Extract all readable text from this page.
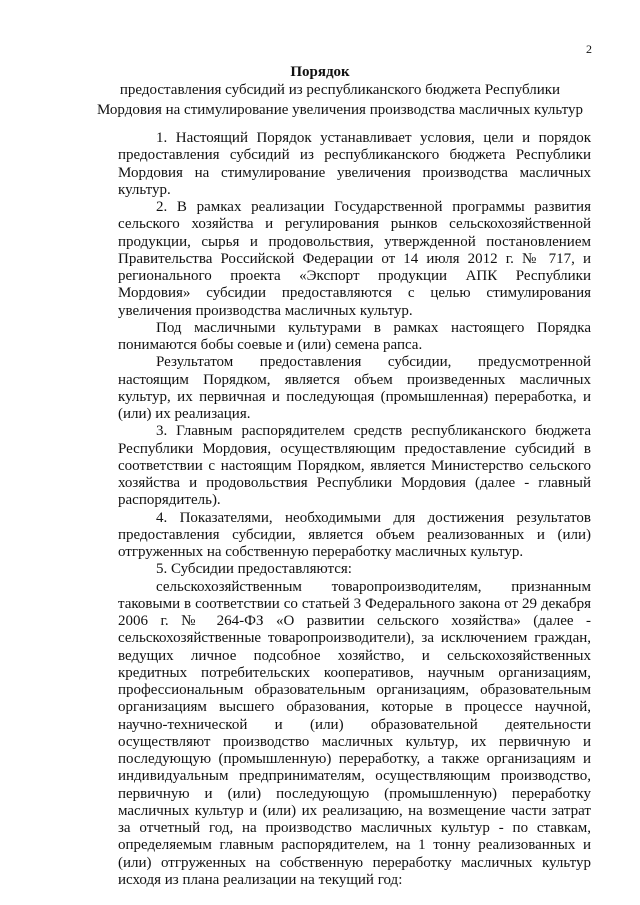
2
Порядок
предоставления субсидий из республиканского бюджета Республики Мордовия на стимулирование увеличения производства масличных культур

1. Настоящий Порядок устанавливает условия, цели и порядок предоставления субсидий из республиканского бюджета Республики Мордовия на стимулирование увеличения производства масличных культур.

2. В рамках реализации Государственной программы развития сельского хозяйства и регулирования рынков сельскохозяйственной продукции, сырья и продовольствия, утвержденной постановлением Правительства Российской Федерации от 14 июля 2012 г. № 717, и регионального проекта «Экспорт продукции АПК Республики Мордовия» субсидии предоставляются с целью стимулирования увеличения производства масличных культур.

Под масличными культурами в рамках настоящего Порядка понимаются бобы соевые и (или) семена рапса.

Результатом предоставления субсидии, предусмотренной настоящим Порядком, является объем произведенных масличных культур, их первичная и последующая (промышленная) переработка, и (или) их реализация.

3. Главным распорядителем средств республиканского бюджета Республики Мордовия, осуществляющим предоставление субсидий в соответствии с настоящим Порядком, является Министерство сельского хозяйства и продовольствия Республики Мордовия (далее - главный распорядитель).

4. Показателями, необходимыми для достижения результатов предоставления субсидии, является объем реализованных и (или) отгруженных на собственную переработку масличных культур.

5. Субсидии предоставляются:

сельскохозяйственным товаропроизводителям, признанным таковыми в соответствии со статьей 3 Федерального закона от 29 декабря 2006 г. № 264-ФЗ «О развитии сельского хозяйства» (далее - сельскохозяйственные товаропроизводители), за исключением граждан, ведущих личное подсобное хозяйство, и сельскохозяйственных кредитных потребительских кооперативов, научным организациям, профессиональным образовательным организациям, образовательным организациям высшего образования, которые в процессе научной, научно-технической и (или) образовательной деятельности осуществляют производство масличных культур, их первичную и последующую (промышленную) переработку, а также организациям и индивидуальным предпринимателям, осуществляющим производство, первичную и (или) последующую (промышленную) переработку масличных культур и (или) их реализацию, на возмещение части затрат за отчетный год, на производство масличных культур - по ставкам, определяемым главным распорядителем, на 1 тонну реализованных и (или) отгруженных на собственную переработку масличных культур исходя из плана реализации на текущий год:
